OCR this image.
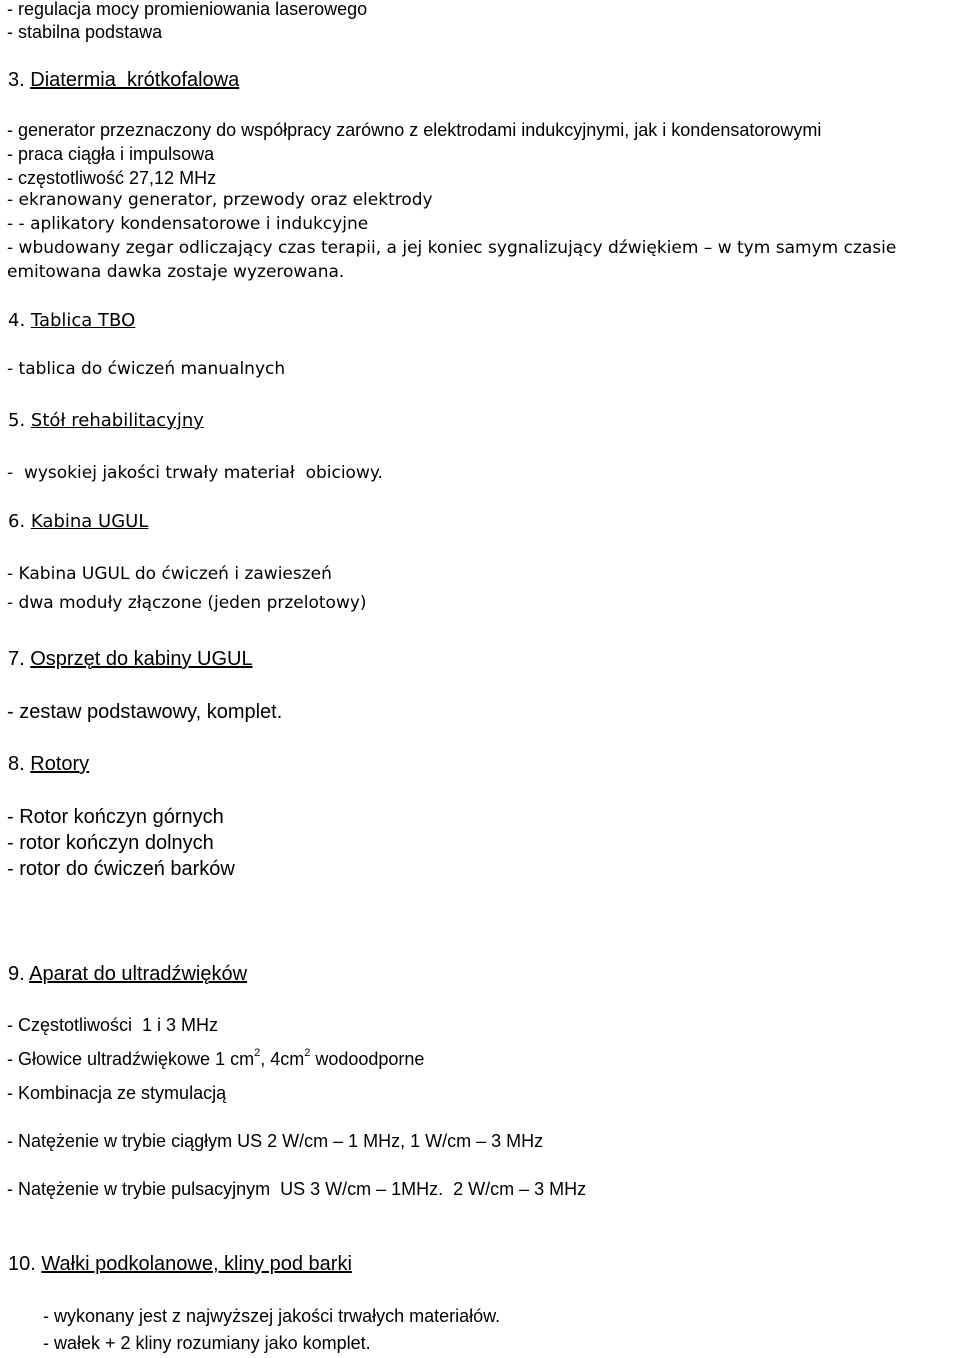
- regulacja mocy promieniowania laserowego
- stabilna podstawa
3. Diatermia  krótkofalowa
- generator przeznaczony do współpracy zarówno z elektrodami indukcyjnymi, jak i kondensatorowymi
- praca ciągła i impulsowa
- częstotliwość 27,12 MHz
- ekranowany generator, przewody oraz elektrody
- - aplikatory kondensatorowe i indukcyjne
- wbudowany zegar odliczający czas terapii, a jej koniec sygnalizujący dźwiękiem – w tym samym czasie
emitowana dawka zostaje wyzerowana.
4. Tablica TBO
- tablica do ćwiczeń manualnych
5. Stół rehabilitacyjny
-  wysokiej jakości trwały materiał  obiciowy.
6. Kabina UGUL
- Kabina UGUL do ćwiczeń i zawieszeń
- dwa moduły złączone (jeden przelotowy)
7. Osprzęt do kabiny UGUL
- zestaw podstawowy, komplet.
8. Rotory
- Rotor kończyn górnych
- rotor kończyn dolnych
- rotor do ćwiczeń barków
9. Aparat do ultradźwięków
- Częstotliwości  1 i 3 MHz
- Głowice ultradźwiękowe 1 $cm^2$, $4cm^2$ wodoodporne
- Kombinacja ze stymulacją
- Natężenie w trybie ciągłym US 2 W/cm – 1 MHz, 1 W/cm – 3 MHz
- Natężenie w trybie pulsacyjnym  US 3 W/cm – 1MHz.  2 W/cm – 3 MHz
10. Wałki podkolanowe, kliny pod barki
- wykonany jest z najwyższej jakości trwałych materiałów.
- wałek + 2 kliny rozumiany jako komplet.
